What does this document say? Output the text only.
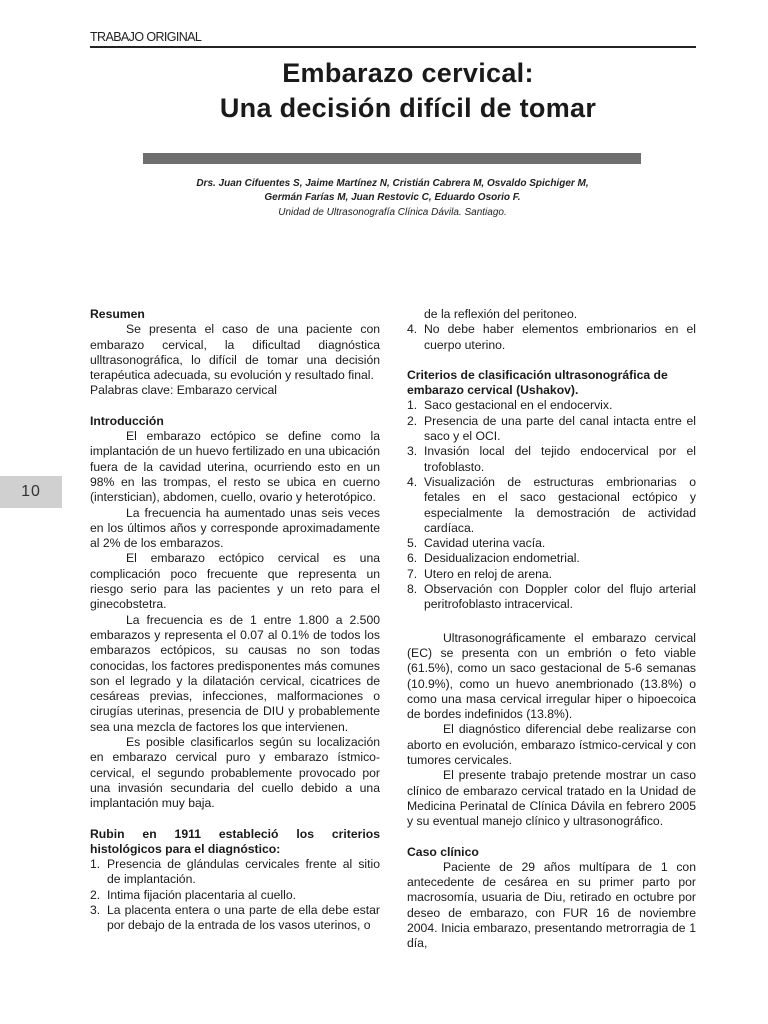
TRABAJO ORIGINAL
Embarazo cervical:
Una decisión difícil de tomar
Drs. Juan Cifuentes S, Jaime Martínez N, Cristián Cabrera M, Osvaldo Spichiger M,
Germán Farías M, Juan Restovic C, Eduardo Osorio F.
Unidad de Ultrasonografía Clínica Dávila. Santiago.
10
Resumen

Se presenta el caso de una paciente con embarazo cervical, la dificultad diagnóstica ulltrasonográfica, lo difícil de tomar una decisión terapéutica adecuada, su evolución y resultado final.

Palabras clave: Embarazo cervical

Introducción

El embarazo ectópico se define como la implantación de un huevo fertilizado en una ubicación fuera de la cavidad uterina, ocurriendo esto en un 98% en las trompas, el resto se ubica en cuerno (interstician), abdomen, cuello, ovario y heterotópico.

La frecuencia ha aumentado unas seis veces en los últimos años y corresponde aproximadamente al 2% de los embarazos.

El embarazo ectópico cervical es una complicación poco frecuente que representa un riesgo serio para las pacientes y un reto para el ginecobstetra.

La frecuencia es de 1 entre 1.800 a 2.500 embarazos y representa el 0.07 al 0.1% de todos los embarazos ectópicos, su causas no son todas conocidas, los factores predisponentes más comunes son el legrado y la dilatación cervical, cicatrices de cesáreas previas, infecciones, malformaciones o cirugías uterinas, presencia de DIU y probablemente sea una mezcla de factores los que intervienen.

Es posible clasificarlos según su localización en embarazo cervical puro y embarazo ístmico-cervical, el segundo probablemente provocado por una invasión secundaria del cuello debido a una implantación muy baja.

Rubin en 1911 estableció los criterios histológicos para el diagnóstico:
1. Presencia de glándulas cervicales frente al sitio de implantación.
2. Intima fijación placentaria al cuello.
3. La placenta entera o una parte de ella debe estar por debajo de la entrada de los vasos uterinos, o

de la reflexión del peritoneo.

4. No debe haber elementos embrionarios en el cuerpo uterino.
Criterios de clasificación ultrasonográfica de embarazo cervical (Ushakov).
1. Saco gestacional en el endocervix.
2. Presencia de una parte del canal intacta entre el saco y el OCI.
3. Invasión local del tejido endocervical por el trofoblasto.
4. Visualización de estructuras embrionarias o fetales en el saco gestacional ectópico y especialmente la demostración de actividad cardíaca.
5. Cavidad uterina vacía.
6. Desidualizacion endometrial.
7. Utero en reloj de arena.
8. Observación con Doppler color del flujo arterial peritrofoblasto intracervical.

Ultrasonográficamente el embarazo cervical (EC) se presenta con un embrión o feto viable (61.5%), como un saco gestacional de 5-6 semanas (10.9%), como un huevo anembrionado (13.8%) o como una masa cervical irregular hiper o hipoecoica de bordes indefinidos (13.8%).

El diagnóstico diferencial debe realizarse con aborto en evolución, embarazo ístmico-cervical y con tumores cervicales.

El presente trabajo pretende mostrar un caso clínico de embarazo cervical tratado en la Unidad de Medicina Perinatal de Clínica Dávila en febrero 2005 y su eventual manejo clínico y ultrasonográfico.

Caso clínico

Paciente de 29 años multípara de 1 con antecedente de cesárea en su primer parto por macrosomía, usuaria de Diu, retirado en octubre por deseo de embarazo, con FUR 16 de noviembre 2004. Inicia embarazo, presentando metrorragia de 1 día,
